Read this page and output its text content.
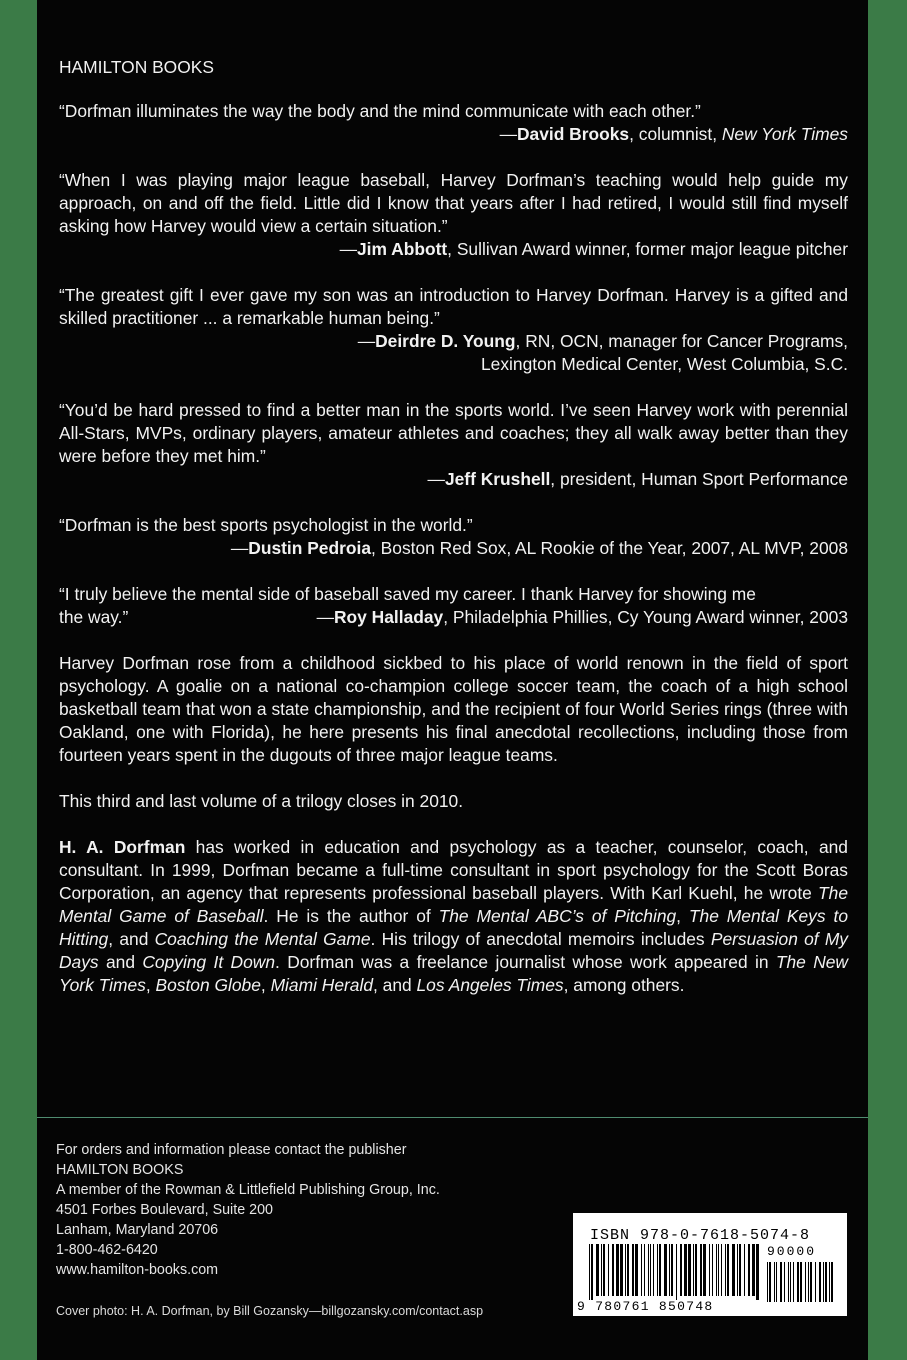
HAMILTON BOOKS

“Dorfman illuminates the way the body and the mind communicate with each other.”

—David Brooks, columnist, New York Times

“When I was playing major league baseball, Harvey Dorfman’s teaching would help guide my approach, on and off the field. Little did I know that years after I had retired, I would still find myself asking how Harvey would view a certain situation.”

—Jim Abbott, Sullivan Award winner, former major league pitcher

“The greatest gift I ever gave my son was an introduction to Harvey Dorfman. Harvey is a gifted and skilled practitioner ... a remarkable human being.”

—Deirdre D. Young, RN, OCN, manager for Cancer Programs,

Lexington Medical Center, West Columbia, S.C.

“You’d be hard pressed to find a better man in the sports world. I’ve seen Harvey work with perennial All-Stars, MVPs, ordinary players, amateur athletes and coaches; they all walk away better than they were before they met him.”

—Jeff Krushell, president, Human Sport Performance

“Dorfman is the best sports psychologist in the world.”

—Dustin Pedroia, Boston Red Sox, AL Rookie of the Year, 2007, AL MVP, 2008

“I truly believe the mental side of baseball saved my career. I thank Harvey for showing me

the way.”	—Roy Halladay, Philadelphia Phillies, Cy Young Award winner, 2003

Harvey Dorfman rose from a childhood sickbed to his place of world renown in the field of sport psychology. A goalie on a national co-champion college soccer team, the coach of a high school basketball team that won a state championship, and the recipient of four World Series rings (three with Oakland, one with Florida), he here presents his final anecdotal recollections, including those from fourteen years spent in the dugouts of three major league teams.

This third and last volume of a trilogy closes in 2010.

H. A. Dorfman has worked in education and psychology as a teacher, counselor, coach, and consultant. In 1999, Dorfman became a full-time consultant in sport psychology for the Scott Boras Corporation, an agency that represents professional baseball players. With Karl Kuehl, he wrote The Mental Game of Baseball. He is the author of The Mental ABC’s of Pitching, The Mental Keys to Hitting, and Coaching the Mental Game. His trilogy of anecdotal memoirs includes Persuasion of My Days and Copying It Down. Dorfman was a freelance journalist whose work appeared in The New York Times, Boston Globe, Miami Herald, and Los Angeles Times, among others.

For orders and information please contact the publisher
HAMILTON BOOKS
A member of the Rowman & Littlefield Publishing Group, Inc.
4501 Forbes Boulevard, Suite 200
Lanham, Maryland 20706
1-800-462-6420
www.hamilton-books.com
Cover photo: H. A. Dorfman, by Bill Gozansky—billgozansky.com/contact.asp
ISBN 978-0-7618-5074-8
9 780761 850748
90000
